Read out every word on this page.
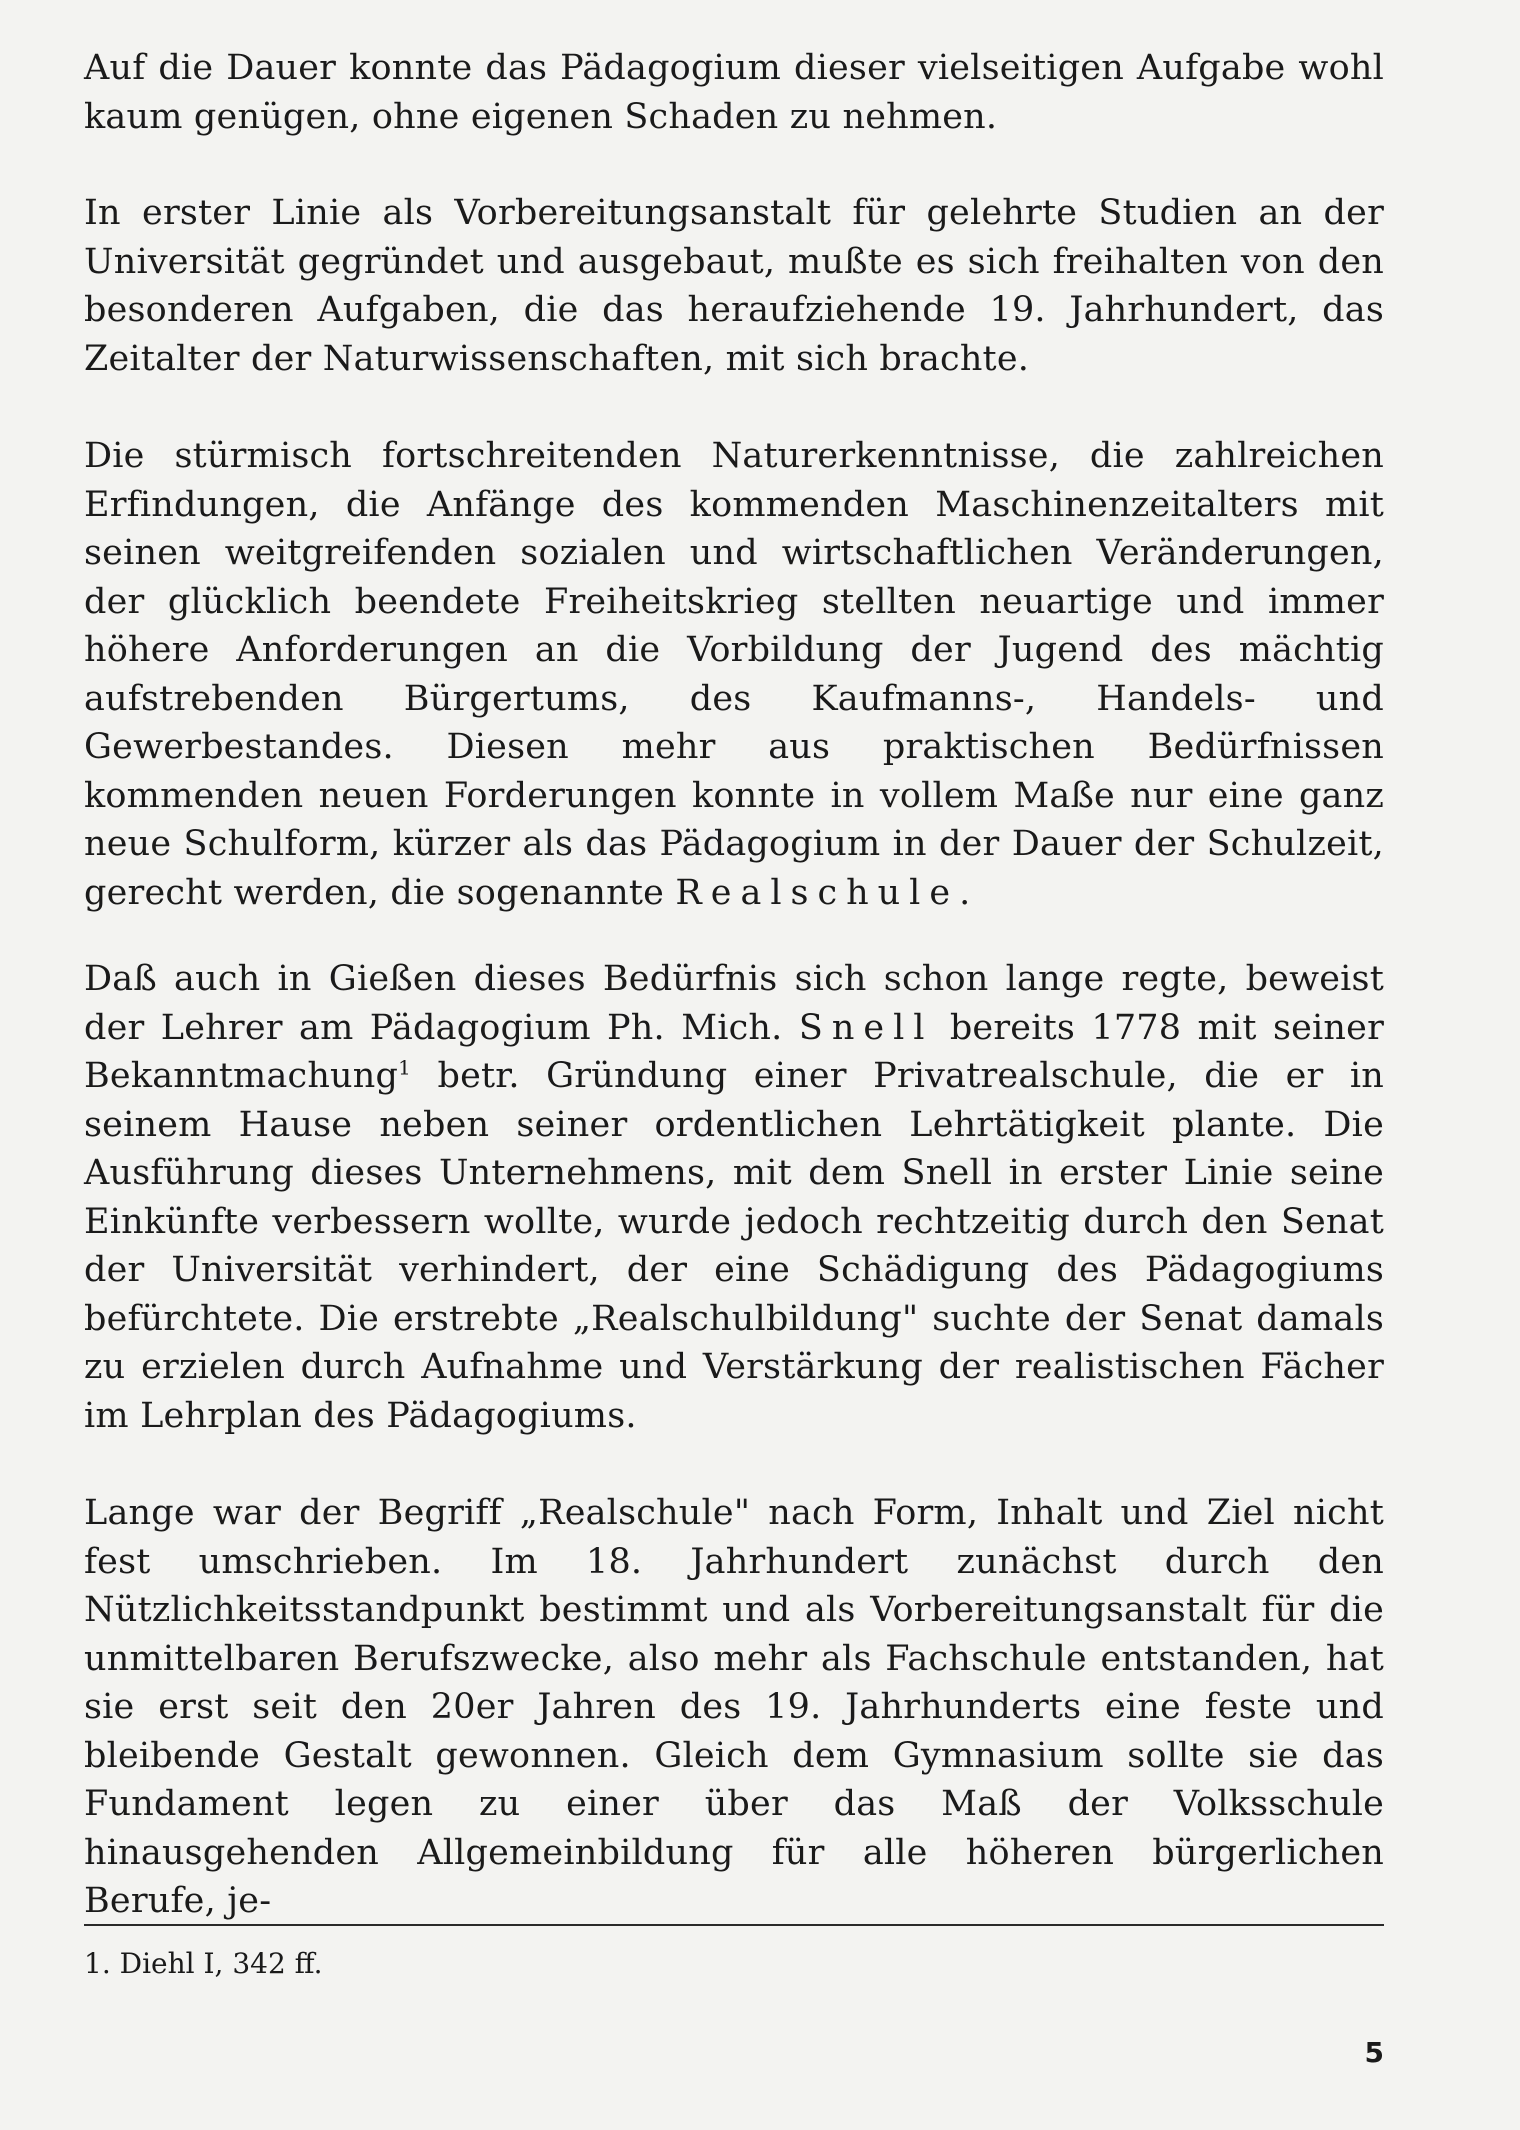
Auf die Dauer konnte das Pädagogium dieser vielseitigen Aufgabe wohl kaum genügen, ohne eigenen Schaden zu nehmen.

In erster Linie als Vorbereitungsanstalt für gelehrte Studien an der Universität gegründet und ausgebaut, mußte es sich freihalten von den besonderen Aufgaben, die das heraufziehende 19. Jahrhundert, das Zeitalter der Naturwissenschaften, mit sich brachte.

Die stürmisch fortschreitenden Naturerkenntnisse, die zahlreichen Erfindungen, die Anfänge des kommenden Maschinenzeitalters mit seinen weitgreifenden sozialen und wirtschaftlichen Veränderungen, der glücklich beendete Freiheitskrieg stellten neuartige und immer höhere Anforderungen an die Vorbildung der Jugend des mächtig aufstrebenden Bürgertums, des Kaufmanns-, Handels- und Gewerbestandes. Diesen mehr aus praktischen Bedürfnissen kommenden neuen Forderungen konnte in vollem Maße nur eine ganz neue Schulform, kürzer als das Pädagogium in der Dauer der Schulzeit, gerecht werden, die sogenannte Realschule.

Daß auch in Gießen dieses Bedürfnis sich schon lange regte, beweist der Lehrer am Pädagogium Ph. Mich. Snell bereits 1778 mit seiner Bekanntmachung$^1$ betr. Gründung einer Privatrealschule, die er in seinem Hause neben seiner ordentlichen Lehrtätigkeit plante. Die Ausführung dieses Unternehmens, mit dem Snell in erster Linie seine Einkünfte verbessern wollte, wurde jedoch rechtzeitig durch den Senat der Universität verhindert, der eine Schädigung des Pädagogiums befürchtete. Die erstrebte „Realschulbildung" suchte der Senat damals zu erzielen durch Aufnahme und Verstärkung der realistischen Fächer im Lehrplan des Pädagogiums.

Lange war der Begriff „Realschule" nach Form, Inhalt und Ziel nicht fest umschrieben. Im 18. Jahrhundert zunächst durch den Nützlichkeitsstandpunkt bestimmt und als Vorbereitungsanstalt für die unmittelbaren Berufszwecke, also mehr als Fachschule entstanden, hat sie erst seit den 20er Jahren des 19. Jahrhunderts eine feste und bleibende Gestalt gewonnen. Gleich dem Gymnasium sollte sie das Fundament legen zu einer über das Maß der Volksschule hinausgehenden Allgemeinbildung für alle höheren bürgerlichen Berufe, je-

1. Diehl I, 342 ff.
5
